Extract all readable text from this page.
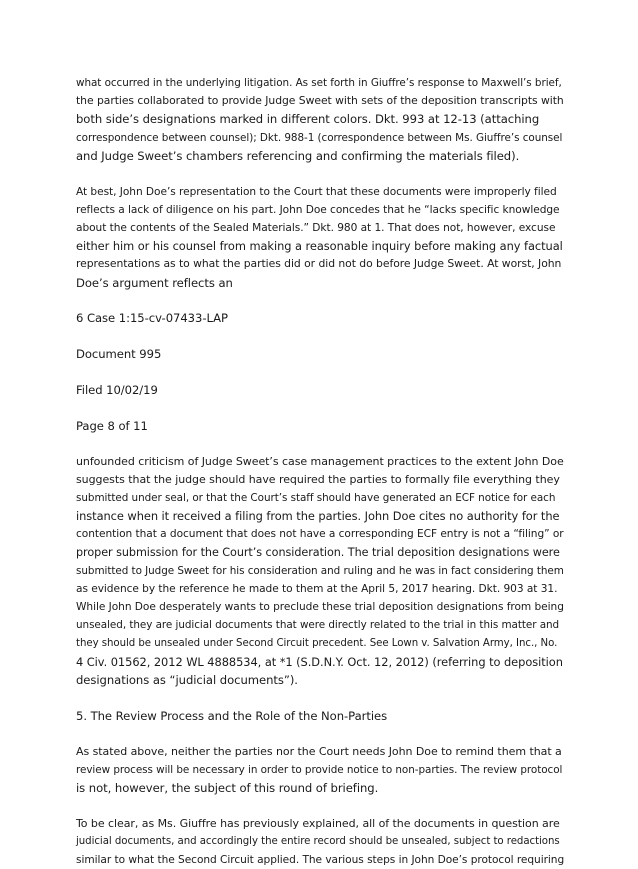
what occurred in the underlying litigation. As set forth in Giuffre’s response to Maxwell’s brief,
the parties collaborated to provide Judge Sweet with sets of the deposition transcripts with
both side’s designations marked in different colors. Dkt. 993 at 12-13 (attaching
correspondence between counsel); Dkt. 988-1 (correspondence between Ms. Giuffre’s counsel
and Judge Sweet’s chambers referencing and confirming the materials filed).

At best, John Doe’s representation to the Court that these documents were improperly filed
reflects a lack of diligence on his part. John Doe concedes that he “lacks specific knowledge
about the contents of the Sealed Materials.” Dkt. 980 at 1. That does not, however, excuse
either him or his counsel from making a reasonable inquiry before making any factual
representations as to what the parties did or did not do before Judge Sweet. At worst, John
Doe’s argument reflects an

6 Case 1:15-cv-07433-LAP

Document 995

Filed 10/02/19

Page 8 of 11

unfounded criticism of Judge Sweet’s case management practices to the extent John Doe
suggests that the judge should have required the parties to formally file everything they
submitted under seal, or that the Court’s staff should have generated an ECF notice for each
instance when it received a filing from the parties. John Doe cites no authority for the
contention that a document that does not have a corresponding ECF entry is not a “filing” or
proper submission for the Court’s consideration. The trial deposition designations were
submitted to Judge Sweet for his consideration and ruling and he was in fact considering them
as evidence by the reference he made to them at the April 5, 2017 hearing. Dkt. 903 at 31.
While John Doe desperately wants to preclude these trial deposition designations from being
unsealed, they are judicial documents that were directly related to the trial in this matter and
they should be unsealed under Second Circuit precedent. See Lown v. Salvation Army, Inc., No.
4 Civ. 01562, 2012 WL 4888534, at *1 (S.D.N.Y. Oct. 12, 2012) (referring to deposition
designations as “judicial documents”).

5. The Review Process and the Role of the Non-Parties

As stated above, neither the parties nor the Court needs John Doe to remind them that a
review process will be necessary in order to provide notice to non-parties. The review protocol
is not, however, the subject of this round of briefing.

To be clear, as Ms. Giuffre has previously explained, all of the documents in question are
judicial documents, and accordingly the entire record should be unsealed, subject to redactions
similar to what the Second Circuit applied. The various steps in John Doe’s protocol requiring
